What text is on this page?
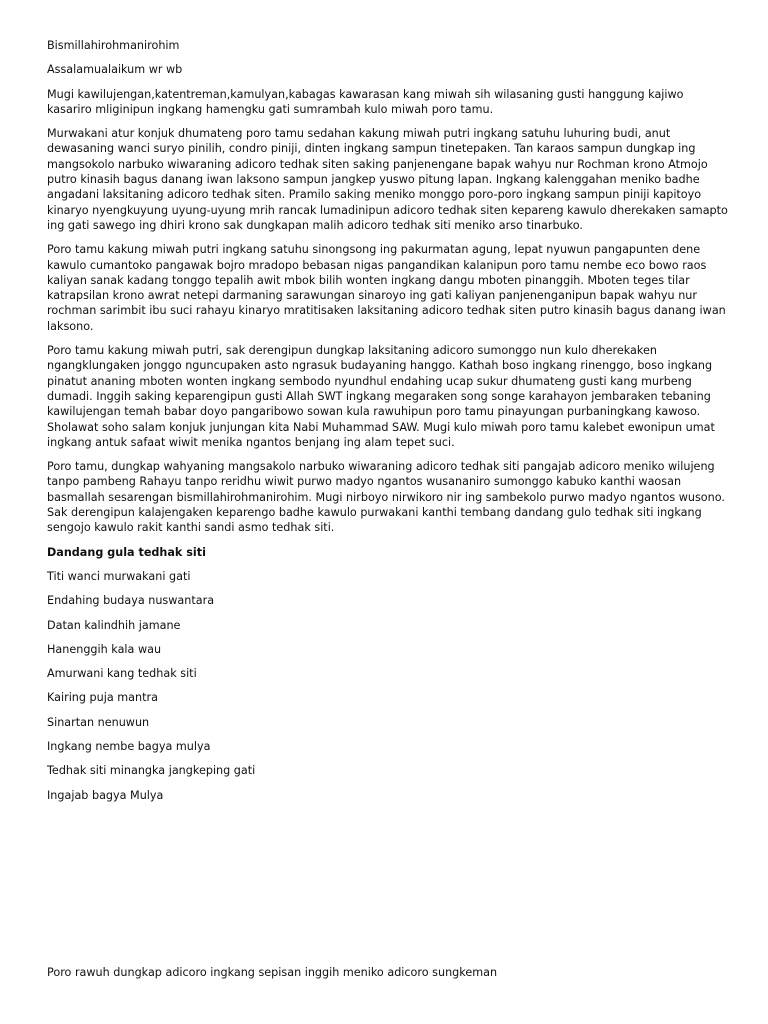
Bismillahirohmanirohim

Assalamualaikum wr wb

Mugi kawilujengan,katentreman,kamulyan,kabagas kawarasan kang miwah sih wilasaning gusti hanggung kajiwo kasariro mliginipun ingkang hamengku gati sumrambah kulo miwah poro tamu.

Murwakani atur konjuk dhumateng poro tamu sedahan kakung miwah putri ingkang satuhu luhuring budi, anut dewasaning wanci suryo pinilih, condro piniji, dinten ingkang sampun tinetepaken. Tan karaos sampun dungkap ing mangsokolo narbuko wiwaraning adicoro tedhak siten saking panjenengane bapak wahyu nur Rochman krono Atmojo putro kinasih bagus danang iwan laksono sampun jangkep yuswo pitung lapan. Ingkang kalenggahan meniko badhe angadani laksitaning adicoro tedhak siten. Pramilo saking meniko monggo poro-poro ingkang sampun piniji kapitoyo kinaryo nyengkuyung uyung-uyung mrih rancak lumadinipun adicoro tedhak siten kepareng kawulo dherekaken samapto ing gati sawego ing dhiri krono sak dungkapan malih adicoro tedhak siti meniko arso tinarbuko.

Poro tamu kakung miwah putri ingkang satuhu sinongsong ing pakurmatan agung, lepat nyuwun pangapunten dene kawulo cumantoko pangawak bojro mradopo bebasan nigas pangandikan kalanipun poro tamu nembe eco bowo raos kaliyan sanak kadang tonggo tepalih awit mbok bilih wonten ingkang dangu mboten pinanggih. Mboten teges tilar katrapsilan krono awrat netepi darmaning sarawungan sinaroyo ing gati kaliyan panjenenganipun bapak wahyu nur rochman sarimbit ibu suci rahayu kinaryo mratitisaken laksitaning adicoro tedhak siten putro kinasih bagus danang iwan laksono.

Poro tamu kakung miwah putri, sak derengipun dungkap laksitaning adicoro sumonggo nun kulo dherekaken ngangklungaken jonggo nguncupaken asto ngrasuk budayaning hanggo. Kathah boso ingkang rinenggo, boso ingkang pinatut ananing mboten wonten ingkang sembodo nyundhul endahing ucap sukur dhumateng gusti kang murbeng dumadi. Inggih saking keparengipun gusti Allah SWT ingkang megaraken song songe karahayon jembaraken tebaning kawilujengan temah babar doyo pangaribowo sowan kula rawuhipun poro tamu pinayungan purbaningkang kawoso. Sholawat soho salam konjuk junjungan kita Nabi Muhammad SAW. Mugi kulo miwah poro tamu kalebet ewonipun umat ingkang antuk safaat wiwit menika ngantos benjang ing alam tepet suci.

Poro tamu, dungkap wahyaning mangsakolo narbuko wiwaraning adicoro tedhak siti pangajab adicoro meniko wilujeng tanpo pambeng Rahayu tanpo reridhu wiwit purwo madyo ngantos wusananiro sumonggo kabuko kanthi waosan basmallah sesarengan bismillahirohmanirohim. Mugi nirboyo nirwikoro nir ing sambekolo purwo madyo ngantos wusono. Sak derengipun kalajengaken keparengo badhe kawulo purwakani kanthi tembang dandang gulo tedhak siti ingkang sengojo kawulo rakit kanthi sandi asmo tedhak siti.

Dandang gula tedhak siti

Titi wanci murwakani gati

Endahing budaya nuswantara

Datan kalindhih jamane

Hanenggih kala wau

Amurwani kang tedhak siti

Kairing puja mantra

Sinartan nenuwun

Ingkang nembe bagya mulya

Tedhak siti minangka jangkeping gati

Ingajab bagya Mulya

Poro rawuh dungkap adicoro ingkang sepisan inggih meniko adicoro sungkeman
